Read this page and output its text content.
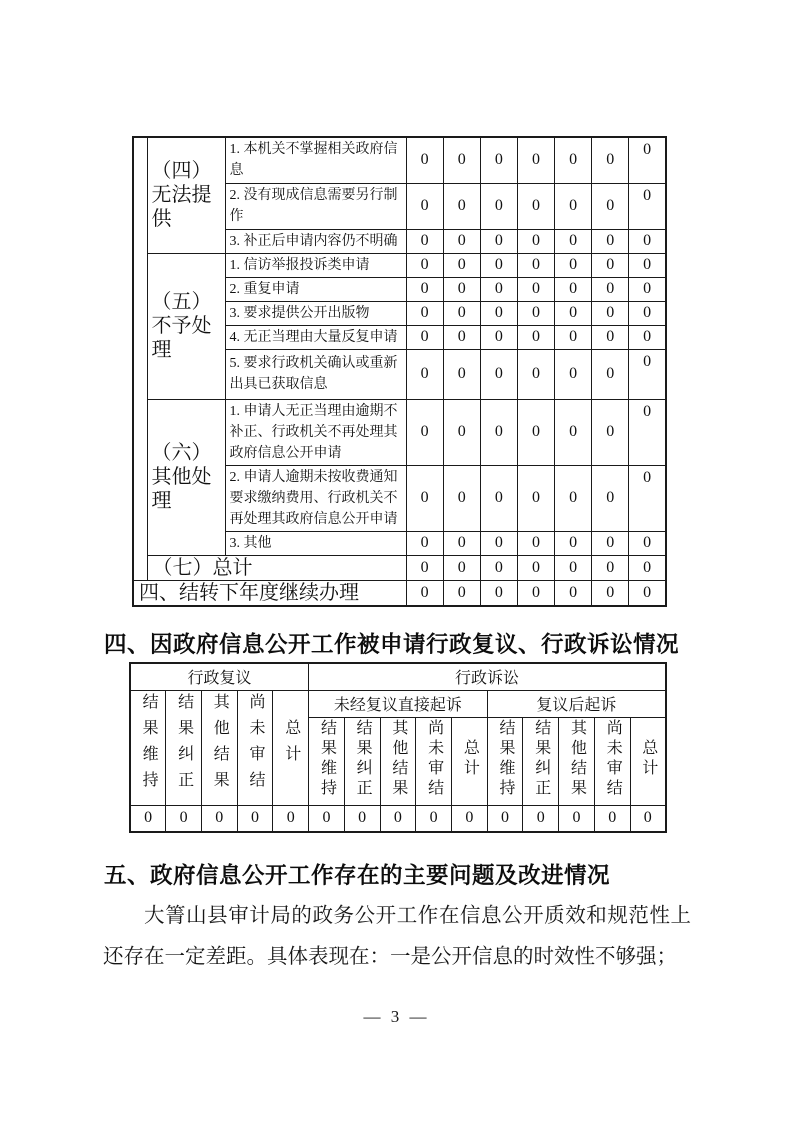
	（四）无法提供	1. 本机关不掌握相关政府信息	0	0	0	0	0	0	0
		2. 没有现成信息需要另行制作	0	0	0	0	0	0	0
		3. 补正后申请内容仍不明确	0	0	0	0	0	0	0
	（五）不予处理	1. 信访举报投诉类申请	0	0	0	0	0	0	0
		2. 重复申请	0	0	0	0	0	0	0
		3. 要求提供公开出版物	0	0	0	0	0	0	0
		4. 无正当理由大量反复申请	0	0	0	0	0	0	0
		5. 要求行政机关确认或重新出具已获取信息	0	0	0	0	0	0	0
	（六）其他处理	1. 申请人无正当理由逾期不补正、行政机关不再处理其政府信息公开申请	0	0	0	0	0	0	0
		2. 申请人逾期未按收费通知要求缴纳费用、行政机关不再处理其政府信息公开申请	0	0	0	0	0	0	0
		3. 其他	0	0	0	0	0	0	0
	（七）总计		0	0	0	0	0	0	0
四、结转下年度继续办理			0	0	0	0	0	0	0
四、因政府信息公开工作被申请行政复议、行政诉讼情况
行政复议					行政诉讼									
结果维持	结果纠正	其他结果	尚未审结	总计	未经复议直接起诉					复议后起诉				
					结果维持	结果纠正	其他结果	尚未审结	总计	结果维持	结果纠正	其他结果	尚未审结	总计
0	0	0	0	0	0	0	0	0	0	0	0	0	0	0
五、政府信息公开工作存在的主要问题及改进情况
大箐山县审计局的政务公开工作在信息公开质效和规范性上还存在一定差距。具体表现在：一是公开信息的时效性不够强；
— 3 —
